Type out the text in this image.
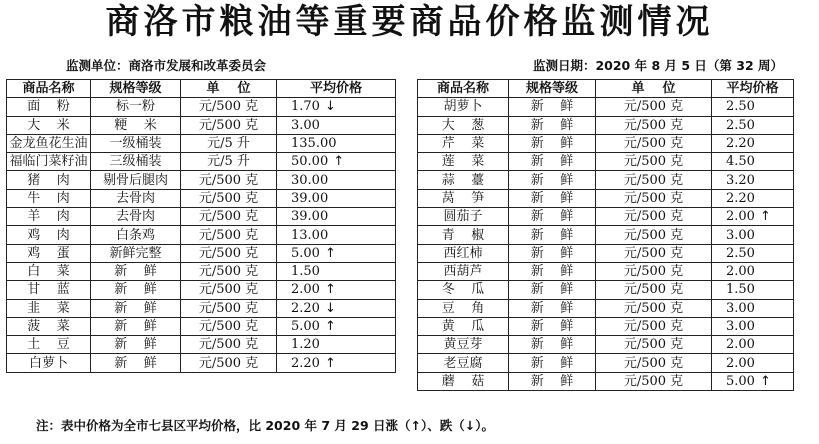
商洛市粮油等重要商品价格监测情况
监测单位：商洛市发展和改革委员会	监测日期：2020 年 8 月 5 日（第 32 周）
商品名称	规格等级	单    位	平均价格
面    粉	标一粉	元/500 克	1.70 ↓
大    米	粳    米	元/500 克	3.00
金龙鱼花生油	一级桶装	元/5 升	135.00
福临门菜籽油	三级桶装	元/5 升	50.00 ↑
猪    肉	剔骨后腿肉	元/500 克	30.00
牛    肉	去骨肉	元/500 克	39.00
羊    肉	去骨肉	元/500 克	39.00
鸡    肉	白条鸡	元/500 克	13.00
鸡    蛋	新鲜完整	元/500 克	5.00 ↑
白    菜	新    鲜	元/500 克	1.50
甘    蓝	新    鲜	元/500 克	2.00 ↑
韭    菜	新    鲜	元/500 克	2.20 ↓
菠    菜	新    鲜	元/500 克	5.00 ↑
土    豆	新    鲜	元/500 克	1.20
白萝卜	新    鲜	元/500 克	2.20 ↑
商品名称	规格等级	单    位	平均价格
胡萝卜	新    鲜	元/500 克	2.50
大    葱	新    鲜	元/500 克	2.50
芹    菜	新    鲜	元/500 克	2.20
莲    菜	新    鲜	元/500 克	4.50
蒜    薹	新    鲜	元/500 克	3.20
莴    笋	新    鲜	元/500 克	2.20
圆茄子	新    鲜	元/500 克	2.00 ↑
青    椒	新    鲜	元/500 克	3.00
西红柿	新    鲜	元/500 克	2.50
西葫芦	新    鲜	元/500 克	2.00
冬    瓜	新    鲜	元/500 克	1.50
豆    角	新    鲜	元/500 克	3.00
黄    瓜	新    鲜	元/500 克	3.00
黄豆芽	新    鲜	元/500 克	2.00
老豆腐	新    鲜	元/500 克	2.00
蘑    菇	新    鲜	元/500 克	5.00 ↑
注：表中价格为全市七县区平均价格，比 2020 年 7 月 29 日涨（↑）、跌（↓）。
